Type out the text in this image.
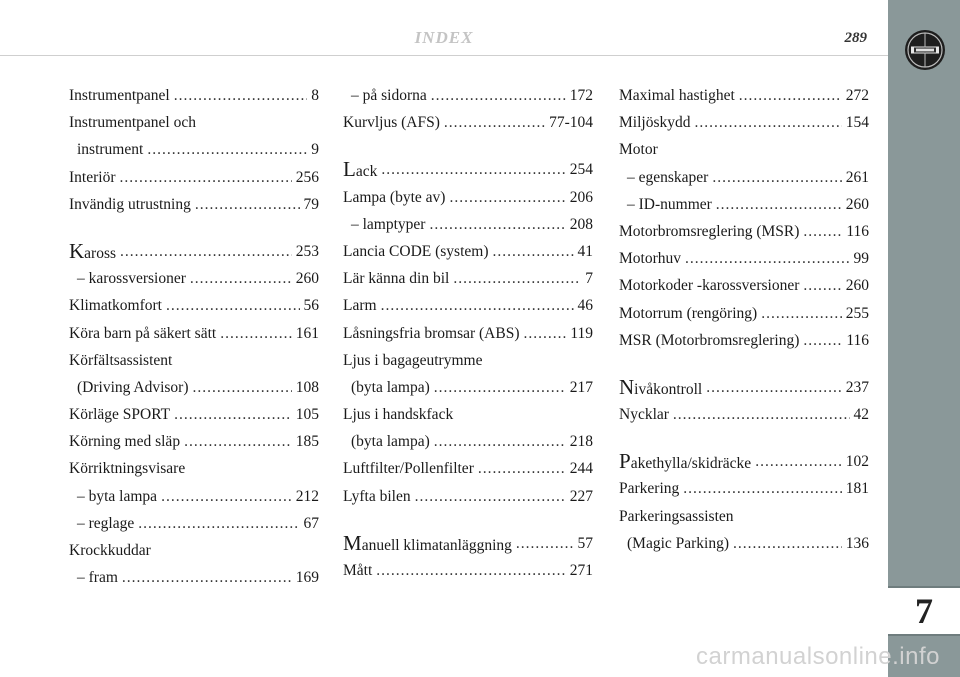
INDEX	289
7
Instrumentpanel .....	8
Instrumentpanel och
instrument .....	9
Interiör .....	256
Invändig utrustning .....	79
Kaross .....	253
– karossversioner .....	260
Klimatkomfort .....	56
Köra barn på säkert sätt .....	161
Körfältsassistent
(Driving Advisor) .....	108
Körläge SPORT .....	105
Körning med släp .....	185
Körriktningsvisare
– byta lampa .....	212
– reglage .....	67
Krockkuddar
– fram .....	169
– på sidorna .....	172
Kurvljus (AFS) .....	77-104
Lack .....	254
Lampa (byte av) .....	206
– lamptyper .....	208
Lancia CODE (system) .....	41
Lär känna din bil .....	7
Larm .....	46
Låsningsfria bromsar (ABS) .....	119
Ljus i bagageutrymme
(byta lampa) .....	217
Ljus i handskfack
(byta lampa) .....	218
Luftfilter/Pollenfilter .....	244
Lyfta bilen .....	227
Manuell klimatanläggning .....	57
Mått .....	271
Maximal hastighet .....	272
Miljöskydd .....	154
Motor
– egenskaper .....	261
– ID-nummer .....	260
Motorbromsreglering (MSR) .....	116
Motorhuv .....	99
Motorkoder -karossversioner .....	260
Motorrum (rengöring) .....	255
MSR (Motorbromsreglering) .....	116
Nivåkontroll .....	237
Nycklar .....	42
Pakethylla/skidräcke .....	102
Parkering .....	181
Parkeringsassisten
(Magic Parking) .....	136
carmanualsonline.info
